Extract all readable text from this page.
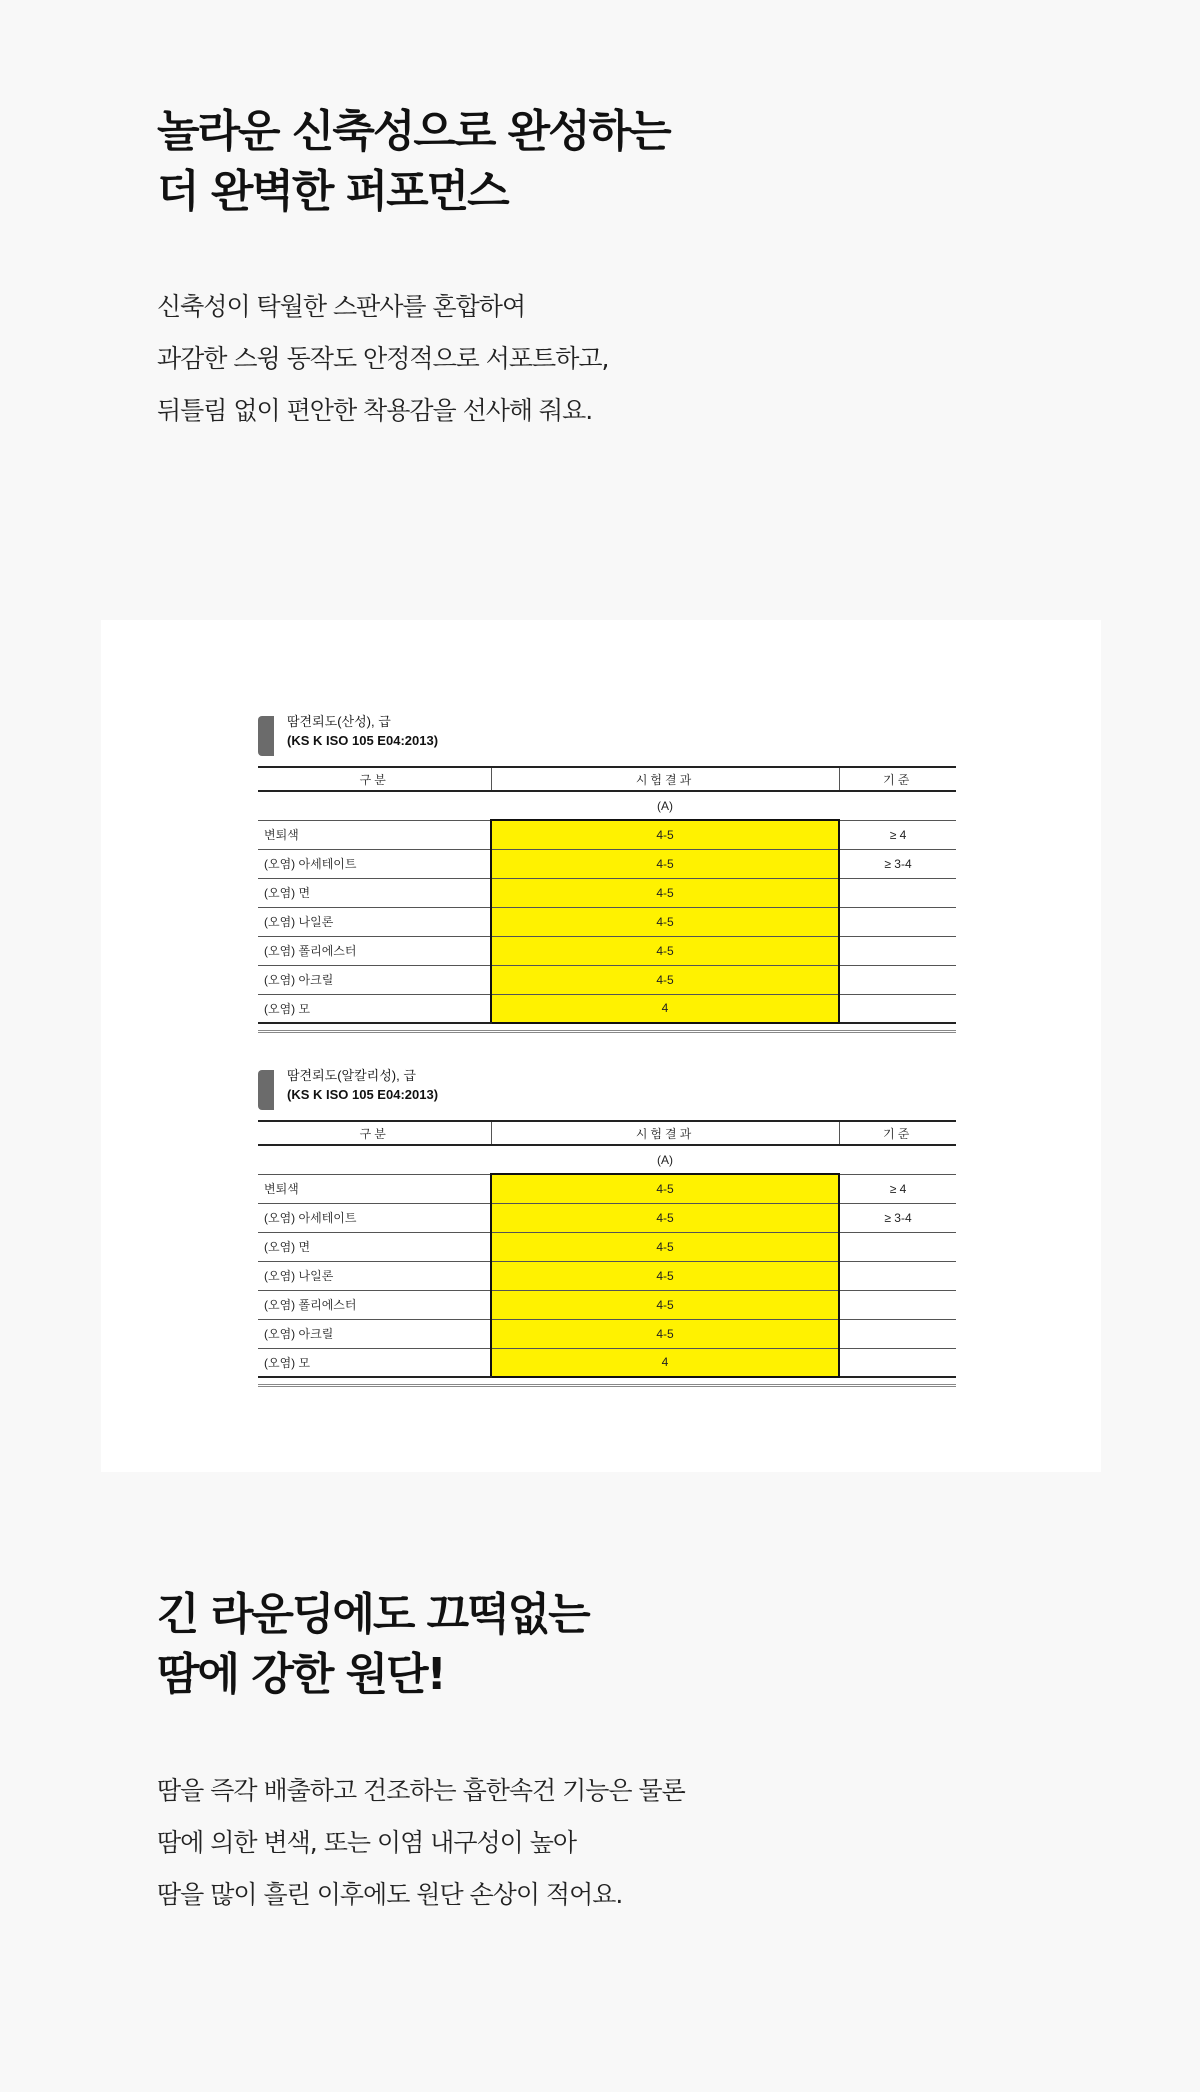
놀라운 신축성으로 완성하는
더 완벽한 퍼포먼스
신축성이 탁월한 스판사를 혼합하여
과감한 스윙 동작도 안정적으로 서포트하고,
뒤틀림 없이 편안한 착용감을 선사해 줘요.
땀견뢰도(산성), 급
(KS K ISO 105 E04:2013)
구분	시험결과	기준
	(A)	
변퇴색	4-5	≥ 4
(오염) 아세테이트	4-5	≥ 3-4
(오염) 면	4-5	
(오염) 나일론	4-5	
(오염) 폴리에스터	4-5	
(오염) 아크릴	4-5	
(오염) 모	4	
땀견뢰도(알칼리성), 급
(KS K ISO 105 E04:2013)
구분	시험결과	기준
	(A)	
변퇴색	4-5	≥ 4
(오염) 아세테이트	4-5	≥ 3-4
(오염) 면	4-5	
(오염) 나일론	4-5	
(오염) 폴리에스터	4-5	
(오염) 아크릴	4-5	
(오염) 모	4	
긴 라운딩에도 끄떡없는
땀에 강한 원단!
땀을 즉각 배출하고 건조하는 흡한속건 기능은 물론
땀에 의한 변색, 또는 이염 내구성이 높아
땀을 많이 흘린 이후에도 원단 손상이 적어요.
